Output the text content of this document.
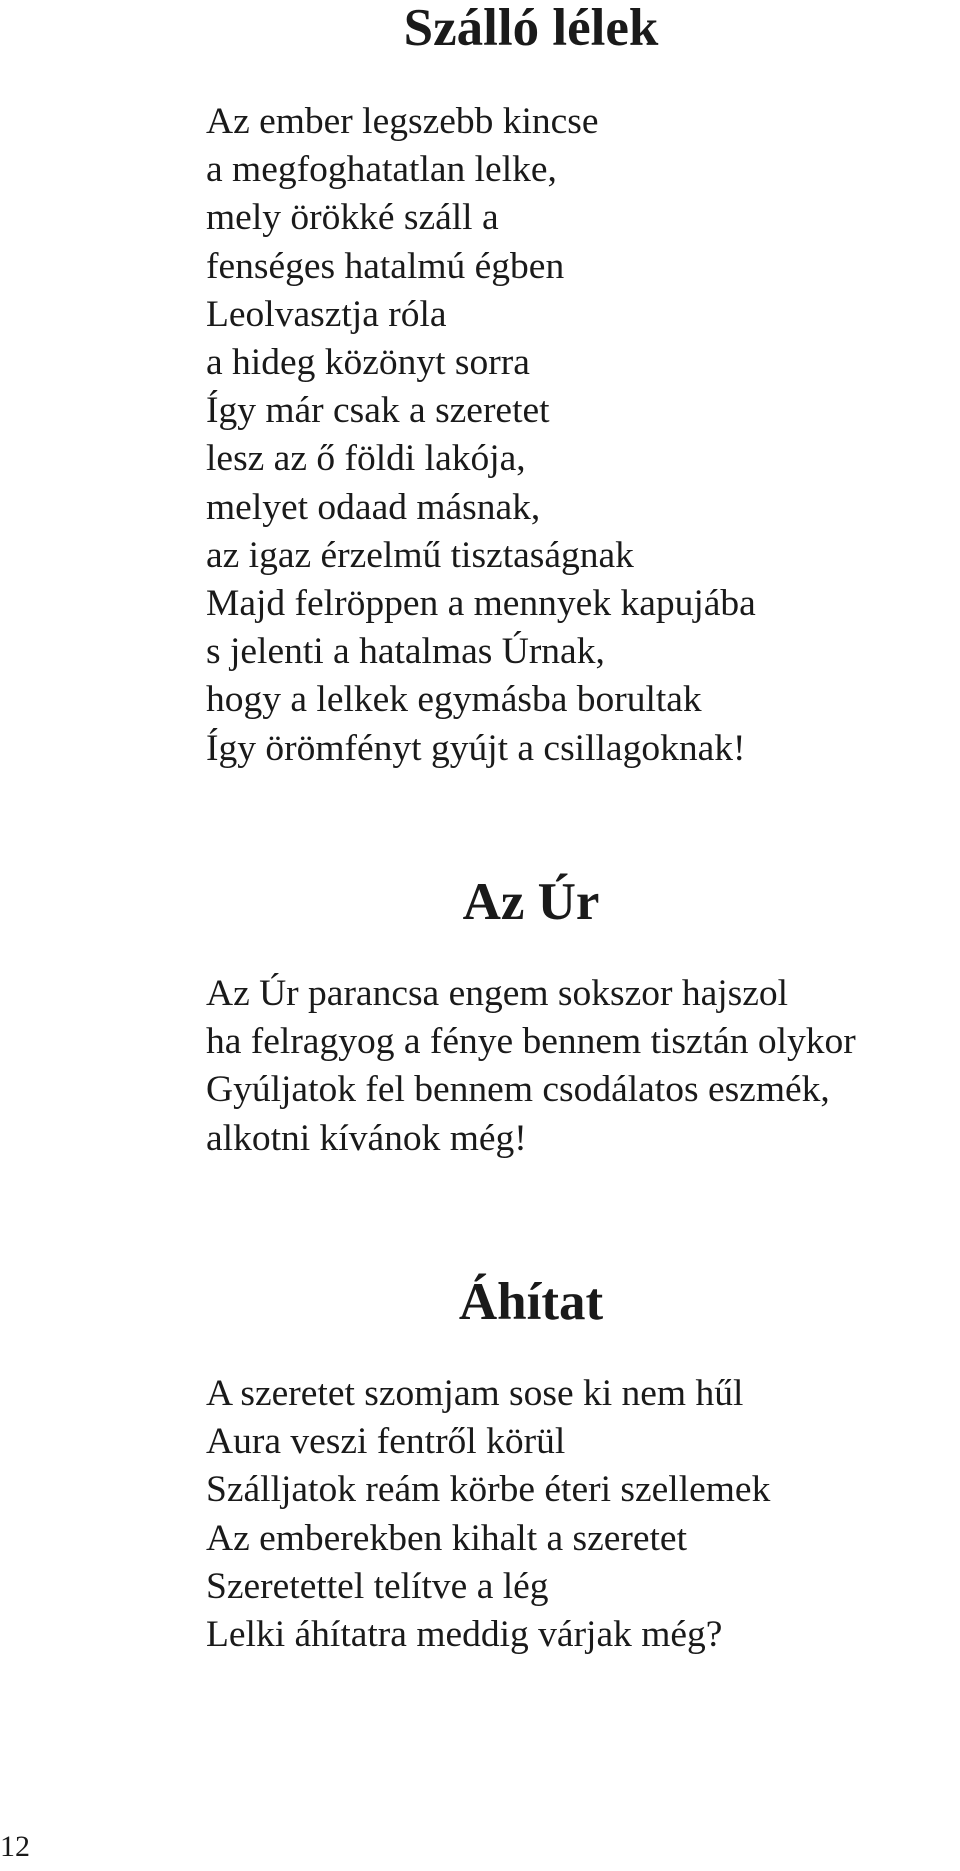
Szálló lélek
Az ember legszebb kincse
a megfoghatatlan lelke,
mely örökké száll a
fenséges hatalmú égben
Leolvasztja róla
a hideg közönyt sorra
Így már csak a szeretet
lesz az ő földi lakója,
melyet odaad másnak,
az igaz érzelmű tisztaságnak
Majd felröppen a mennyek kapujába
s jelenti a hatalmas Úrnak,
hogy a lelkek egymásba borultak
Így örömfényt gyújt a csillagoknak!
Az Úr
Az Úr parancsa engem sokszor hajszol
ha felragyog a fénye bennem tisztán olykor
Gyúljatok fel bennem csodálatos eszmék,
alkotni kívánok még!
Áhítat
A szeretet szomjam sose ki nem hűl
Aura veszi fentről körül
Szálljatok reám körbe éteri szellemek
Az emberekben kihalt a szeretet
Szeretettel telítve a lég
Lelki áhítatra meddig várjak még?
12
